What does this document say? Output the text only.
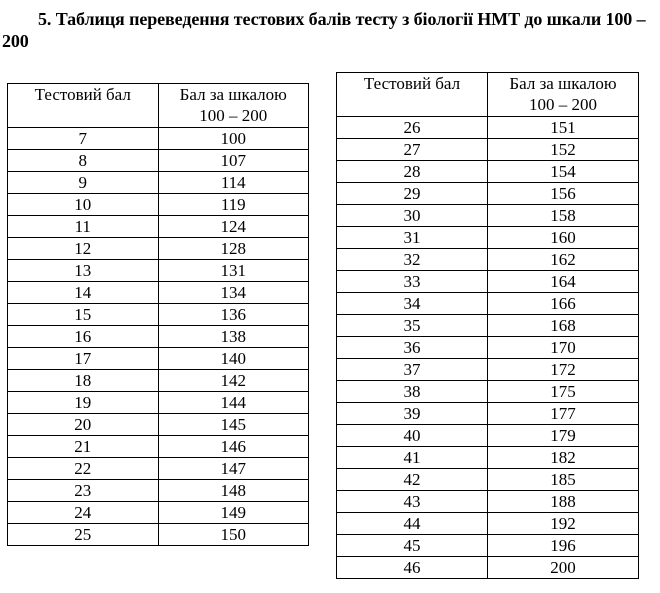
5. Таблиця переведення тестових балів тесту з біології НМТ до шкали 100 – 200
Тестовий бал	Бал за шкалою
100 – 200
7	100
8	107
9	114
10	119
11	124
12	128
13	131
14	134
15	136
16	138
17	140
18	142
19	144
20	145
21	146
22	147
23	148
24	149
25	150
Тестовий бал	Бал за шкалою
100 – 200
26	151
27	152
28	154
29	156
30	158
31	160
32	162
33	164
34	166
35	168
36	170
37	172
38	175
39	177
40	179
41	182
42	185
43	188
44	192
45	196
46	200
